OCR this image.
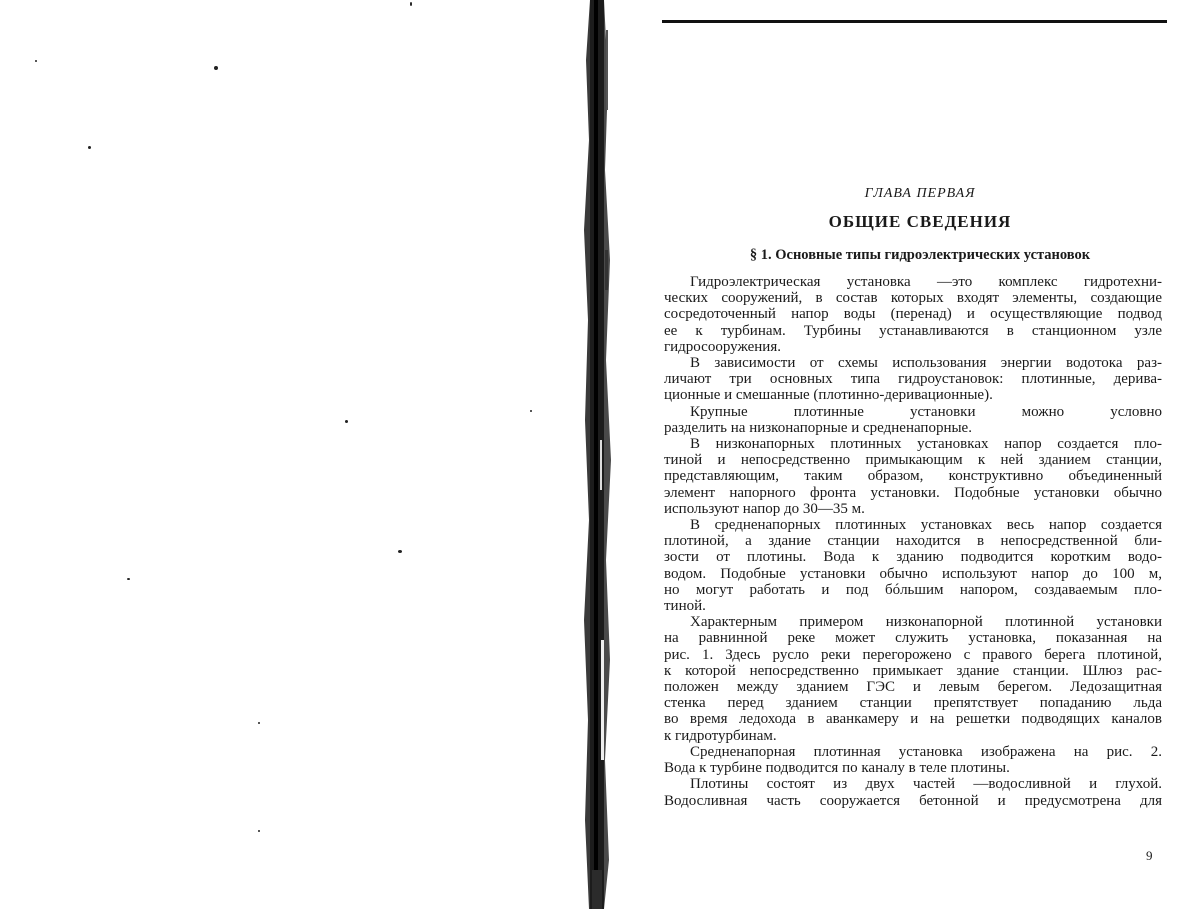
ГЛАВА ПЕРВАЯ
ОБЩИЕ СВЕДЕНИЯ
§ 1. Основные типы гидроэлектрических установок
Гидроэлектрическая установка —это комплекс гидротехни-
ческих сооружений, в состав которых входят элементы, создающие
сосредоточенный напор воды (перенад) и осуществляющие подвод
ее к турбинам. Турбины устанавливаются в станционном узле
гидросооружения.
В зависимости от схемы использования энергии водотока раз-
личают три основных типа гидроустановок: плотинные, дерива-
ционные и смешанные (плотинно-деривационные).
Крупные плотинные установки можно условно
разделить на низконапорные и средненапорные.
В низконапорных плотинных установках напор создается пло-
тиной и непосредственно примыкающим к ней зданием станции,
представляющим, таким образом, конструктивно объединенный
элемент напорного фронта установки. Подобные установки обычно
используют напор до 30—35 м.
В средненапорных плотинных установках весь напор создается
плотиной, а здание станции находится в непосредственной бли-
зости от плотины. Вода к зданию подводится коротким водо-
водом. Подобные установки обычно используют напор до 100 м,
но могут работать и под бóльшим напором, создаваемым пло-
тиной.
Характерным примером низконапорной плотинной установки
на равнинной реке может служить установка, показанная на
рис. 1. Здесь русло реки перегорожено с правого берега плотиной,
к которой непосредственно примыкает здание станции. Шлюз рас-
положен между зданием ГЭС и левым берегом. Ледозащитная
стенка перед зданием станции препятствует попаданию льда
во время ледохода в аванкамеру и на решетки подводящих каналов
к гидротурбинам.
Средненапорная плотинная установка изображена на рис. 2.
Вода к турбине подводится по каналу в теле плотины.
Плотины состоят из двух частей —водосливной и глухой.
Водосливная часть сооружается бетонной и предусмотрена для
9
